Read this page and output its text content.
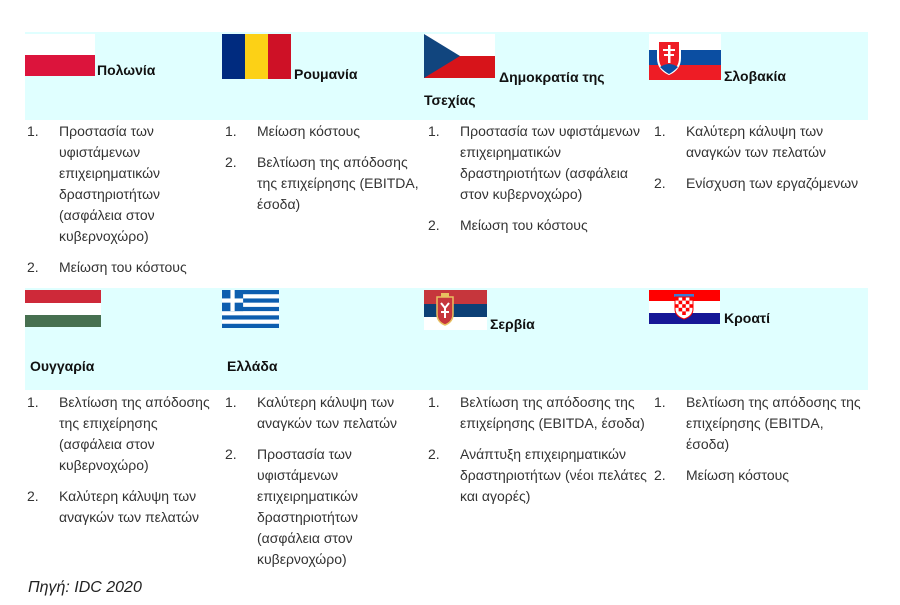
Πολωνία
1. Προστασία των υφιστάμενων επιχειρηματικών δραστηριοτήτων (ασφάλεια στον κυβερνοχώρο)
2. Μείωση του κόστους
Ρουμανία
1. Μείωση κόστους
2. Βελτίωση της απόδοσης της επιχείρησης (EBITDA, έσοδα)
Δημοκρατία της Τσεχίας
1. Προστασία των υφιστάμενων επιχειρηματικών δραστηριοτήτων (ασφάλεια στον κυβερνοχώρο)
2. Μείωση του κόστους
Σλοβακία
1. Καλύτερη κάλυψη των αναγκών των πελατών
2. Ενίσχυση των εργαζόμενων
Ουγγαρία
1. Βελτίωση της απόδοσης της επιχείρησης (ασφάλεια στον κυβερνοχώρο)
2. Καλύτερη κάλυψη των αναγκών των πελατών
Ελλάδα
1. Καλύτερη κάλυψη των αναγκών των πελατών
2. Προστασία των υφιστάμενων επιχειρηματικών δραστηριοτήτων (ασφάλεια στον κυβερνοχώρο)
Σερβία
1. Βελτίωση της απόδοσης της επιχείρησης (EBITDA, έσοδα)
2. Ανάπτυξη επιχειρηματικών δραστηριοτήτων (νέοι πελάτες και αγορές)
Κροατί
1. Βελτίωση της απόδοσης της επιχείρησης (EBITDA, έσοδα)
2. Μείωση κόστους
Πηγή: IDC 2020
